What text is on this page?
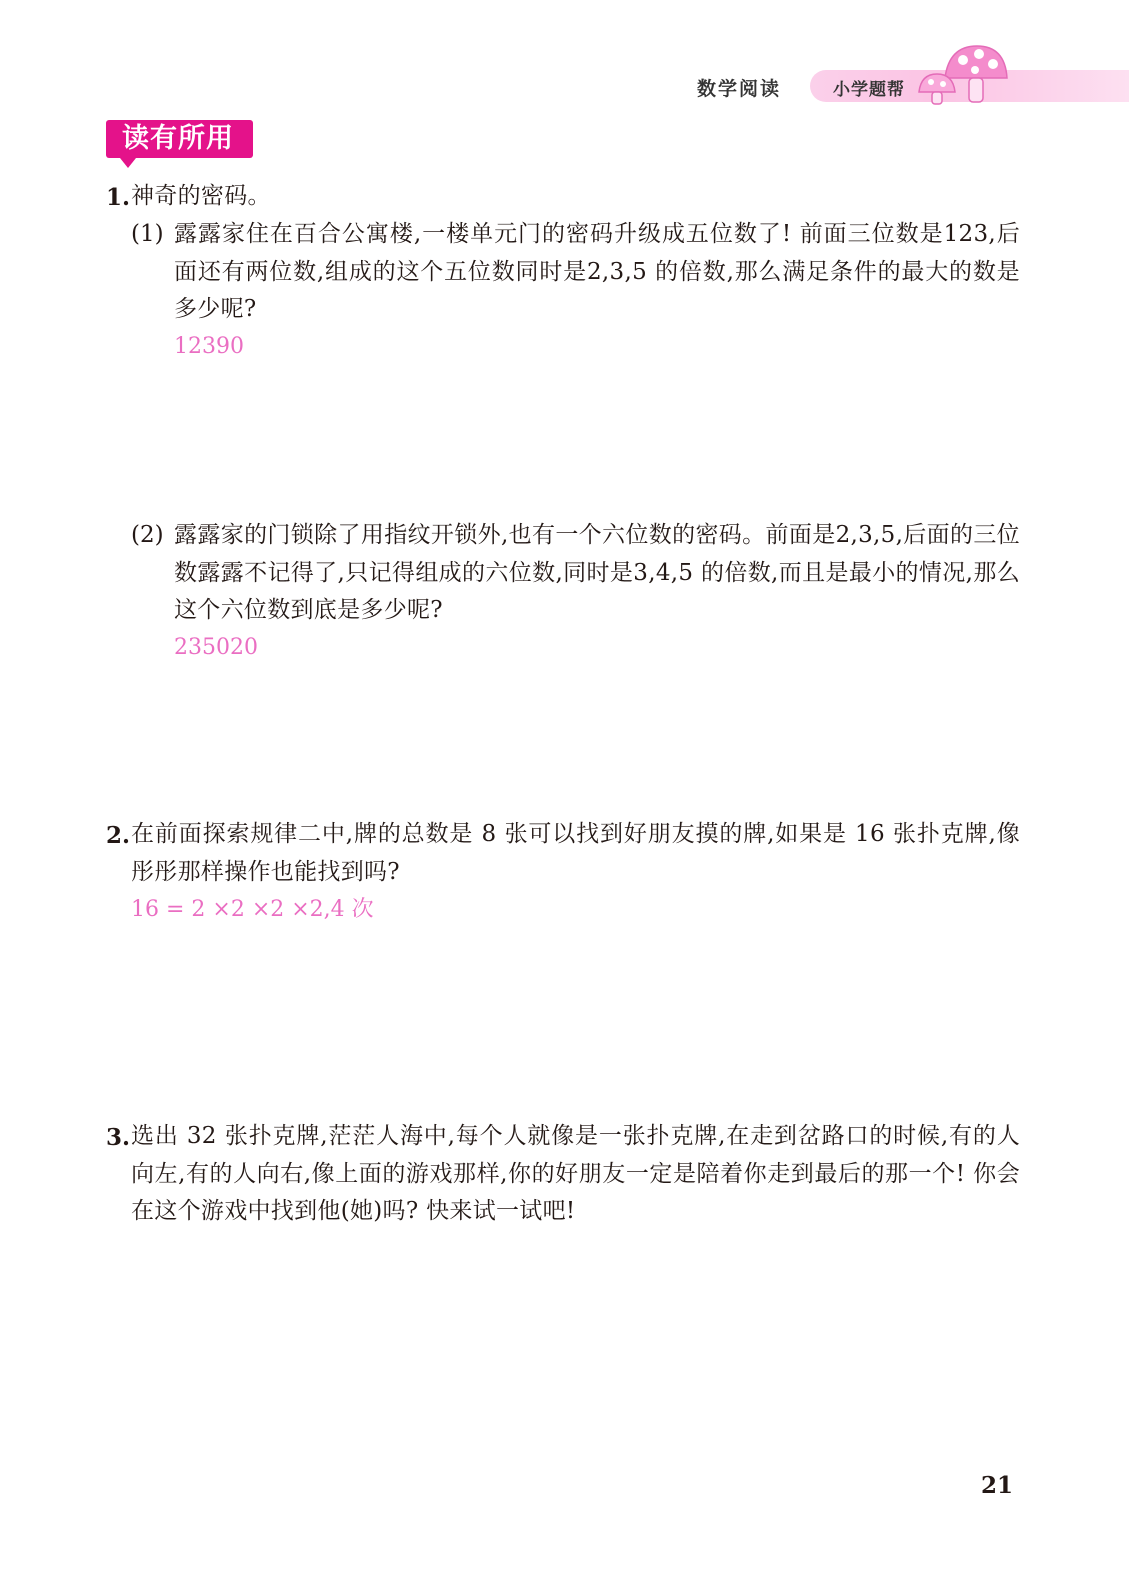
数学阅读	小学题帮
读有所用
1. 神奇的密码。
(1) 露露家住在百合公寓楼,一楼单元门的密码升级成五位数了! 前面三位数是123,后面还有两位数,组成的这个五位数同时是2,3,5 的倍数,那么满足条件的最大的数是多少呢?
12390
(2) 露露家的门锁除了用指纹开锁外,也有一个六位数的密码。前面是2,3,5,后面的三位数露露不记得了,只记得组成的六位数,同时是3,4,5 的倍数,而且是最小的情况,那么这个六位数到底是多少呢?
235020
2. 在前面探索规律二中,牌的总数是 8 张可以找到好朋友摸的牌,如果是 16 张扑克牌,像彤彤那样操作也能找到吗?
16 = 2 ×2 ×2 ×2,4 次
3. 选出 32 张扑克牌,茫茫人海中,每个人就像是一张扑克牌,在走到岔路口的时候,有的人向左,有的人向右,像上面的游戏那样,你的好朋友一定是陪着你走到最后的那一个! 你会在这个游戏中找到他(她)吗? 快来试一试吧!
21
